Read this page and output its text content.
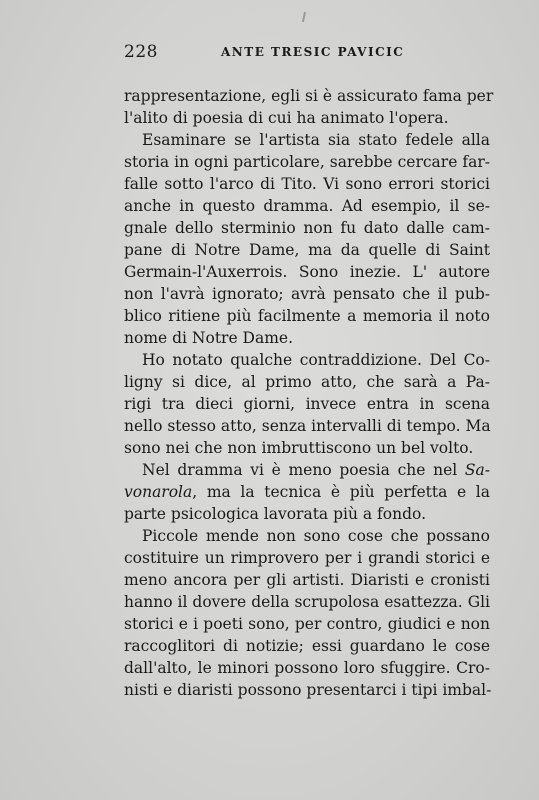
228	ANTE TRESIC PAVICIC
rappresentazione, egli si è assicurato fama per
l'alito di poesia di cui ha animato l'opera.
Esaminare se l'artista sia stato fedele alla
storia in ogni particolare, sarebbe cercare far-
falle sotto l'arco di Tito. Vi sono errori storici
anche in questo dramma. Ad esempio, il se-
gnale dello sterminio non fu dato dalle cam-
pane di Notre Dame, ma da quelle di Saint
Germain-l'Auxerrois. Sono inezie. L' autore
non l'avrà ignorato; avrà pensato che il pub-
blico ritiene più facilmente a memoria il noto
nome di Notre Dame.
Ho notato qualche contraddizione. Del Co-
ligny si dice, al primo atto, che sarà a Pa-
rigi tra dieci giorni, invece entra in scena
nello stesso atto, senza intervalli di tempo. Ma
sono nei che non imbruttiscono un bel volto.
Nel dramma vi è meno poesia che nel Sa-
vonarola, ma la tecnica è più perfetta e la
parte psicologica lavorata più a fondo.
Piccole mende non sono cose che possano
costituire un rimprovero per i grandi storici e
meno ancora per gli artisti. Diaristi e cronisti
hanno il dovere della scrupolosa esattezza. Gli
storici e i poeti sono, per contro, giudici e non
raccoglitori di notizie; essi guardano le cose
dall'alto, le minori possono loro sfuggire. Cro-
nisti e diaristi possono presentarci i tipi imbal-
